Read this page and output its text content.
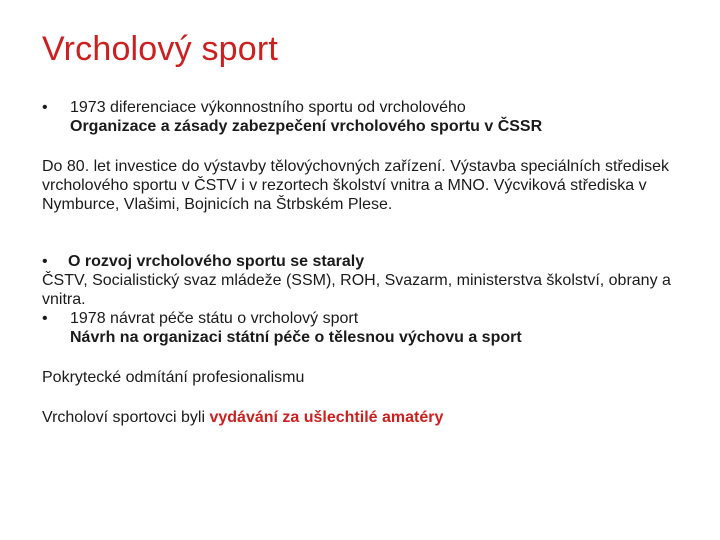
Vrcholový sport
•	1973 diferenciace výkonnostního sportu od vrcholového

Organizace a zásady zabezpečení vrcholového sportu v ČSSR

Do 80. let investice do výstavby tělovýchovných zařízení. Výstavba speciálních středisek vrcholového sportu v ČSTV i v rezortech školství vnitra a MNO. Výcviková střediska v Nymburce, Vlašimi, Bojnicích na Štrbském Plese.

•	O rozvoj vrcholového sportu se staraly

ČSTV, Socialistický svaz mládeže (SSM), ROH, Svazarm, ministerstva školství, obrany a vnitra.

•	1978 návrat péče státu o vrcholový sport

Návrh na organizaci státní péče o tělesnou výchovu a sport

Pokrytecké odmítání profesionalismu

Vrcholoví sportovci byli vydávání za ušlechtilé amatéry
